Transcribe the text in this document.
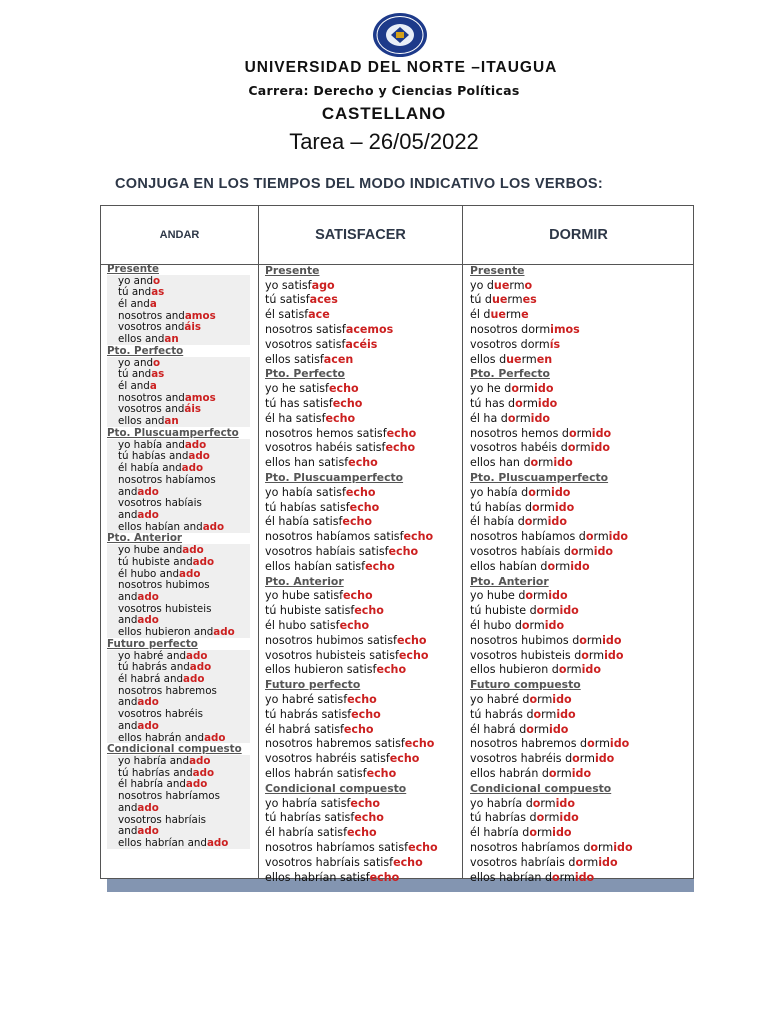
UNIVERSIDAD DEL NORTE –ITAUGUA
Carrera: Derecho y Ciencias Políticas
CASTELLANO
Tarea – 26/05/2022
CONJUGA EN LOS TIEMPOS DEL MODO INDICATIVO LOS VERBOS:
ANDAR	SATISFACER	DORMIR
Presente
yo and o
tú and as
él and a
nosotros and amos
vosotros and áis
ellos and an
Pto. Perfecto
yo and o
tú and as
él and a
nosotros and amos
vosotros and áis
ellos and an
Pto. Pluscuamperfecto
yo había and ado
tú habías and ado
él había and ado
nosotros habíamos
and ado
vosotros habíais
and ado
ellos habían and ado
Pto. Anterior
yo hube and ado
tú hubiste and ado
él hubo and ado
nosotros hubimos
and ado
vosotros hubisteis
and ado
ellos hubieron and ado
Futuro perfecto
yo habré and ado
tú habrás and ado
él habrá and ado
nosotros habremos
and ado
vosotros habréis
and ado
ellos habrán and ado
Condicional compuesto
yo habría and ado
tú habrías and ado
él habría and ado
nosotros habríamos
and ado
vosotros habríais
and ado
ellos habrían and ado
Presente
yo satisf ago
tú satisf aces
él satisf ace
nosotros satisf acemos
vosotros satisf acéis
ellos satisf acen
Pto. Perfecto
yo he satisf echo
tú has satisf echo
él ha satisf echo
nosotros hemos satisf echo
vosotros habéis satisf echo
ellos han satisf echo
Pto. Pluscuamperfecto
yo había satisf echo
tú habías satisf echo
él había satisf echo
nosotros habíamos satisf echo
vosotros habíais satisf echo
ellos habían satisf echo
Pto. Anterior
yo hube satisf echo
tú hubiste satisf echo
él hubo satisf echo
nosotros hubimos satisf echo
vosotros hubisteis satisf echo
ellos hubieron satisf echo
Futuro perfecto
yo habré satisf echo
tú habrás satisf echo
él habrá satisf echo
nosotros habremos satisf echo
vosotros habréis satisf echo
ellos habrán satisf echo
Condicional compuesto
yo habría satisf echo
tú habrías satisf echo
él habría satisf echo
nosotros habríamos satisf echo
vosotros habríais satisf echo
ellos habrían satisf echo
Presente
yo d ue rm o
tú d ue rm es
él d ue rm e
nosotros dorm imos
vosotros dorm ís
ellos d ue rm en
Pto. Perfecto
yo he d o rm ido
tú has d o rm ido
él ha d o rm ido
nosotros hemos d o rm ido
vosotros habéis d o rm ido
ellos han d o rm ido
Pto. Pluscuamperfecto
yo había d o rm ido
tú habías d o rm ido
él había d o rm ido
nosotros habíamos d o rm ido
vosotros habíais d o rm ido
ellos habían d o rm ido
Pto. Anterior
yo hube d o rm ido
tú hubiste d o rm ido
él hubo d o rm ido
nosotros hubimos d o rm ido
vosotros hubisteis d o rm ido
ellos hubieron d o rm ido
Futuro compuesto
yo habré d o rm ido
tú habrás d o rm ido
él habrá d o rm ido
nosotros habremos d o rm ido
vosotros habréis d o rm ido
ellos habrán d o rm ido
Condicional compuesto
yo habría d o rm ido
tú habrías d o rm ido
él habría d o rm ido
nosotros habríamos d o rm ido
vosotros habríais d o rm ido
ellos habrían d o rm ido
